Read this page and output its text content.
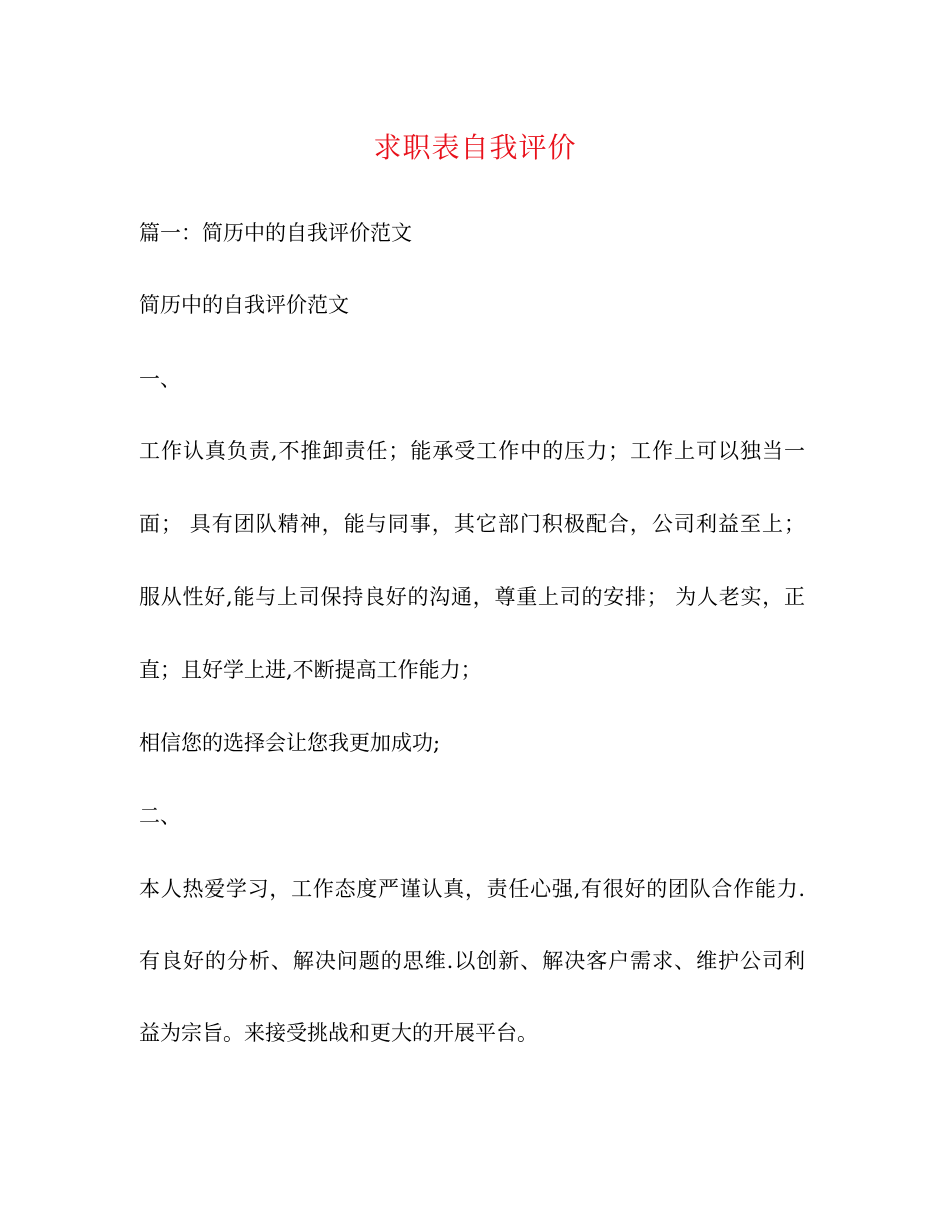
求职表自我评价
篇一：简历中的自我评价范文
简历中的自我评价范文
一、
工作认真负责,不推卸责任；能承受工作中的压力；工作上可以独当一
面； 具有团队精神，能与同事，其它部门积极配合，公司利益至上；
服从性好,能与上司保持良好的沟通，尊重上司的安排； 为人老实，正
直；且好学上进,不断提高工作能力；
相信您的选择会让您我更加成功;
二、
本人热爱学习，工作态度严谨认真，责任心强,有很好的团队合作能力.
有良好的分析、解决问题的思维.以创新、解决客户需求、维护公司利
益为宗旨。来接受挑战和更大的开展平台。
